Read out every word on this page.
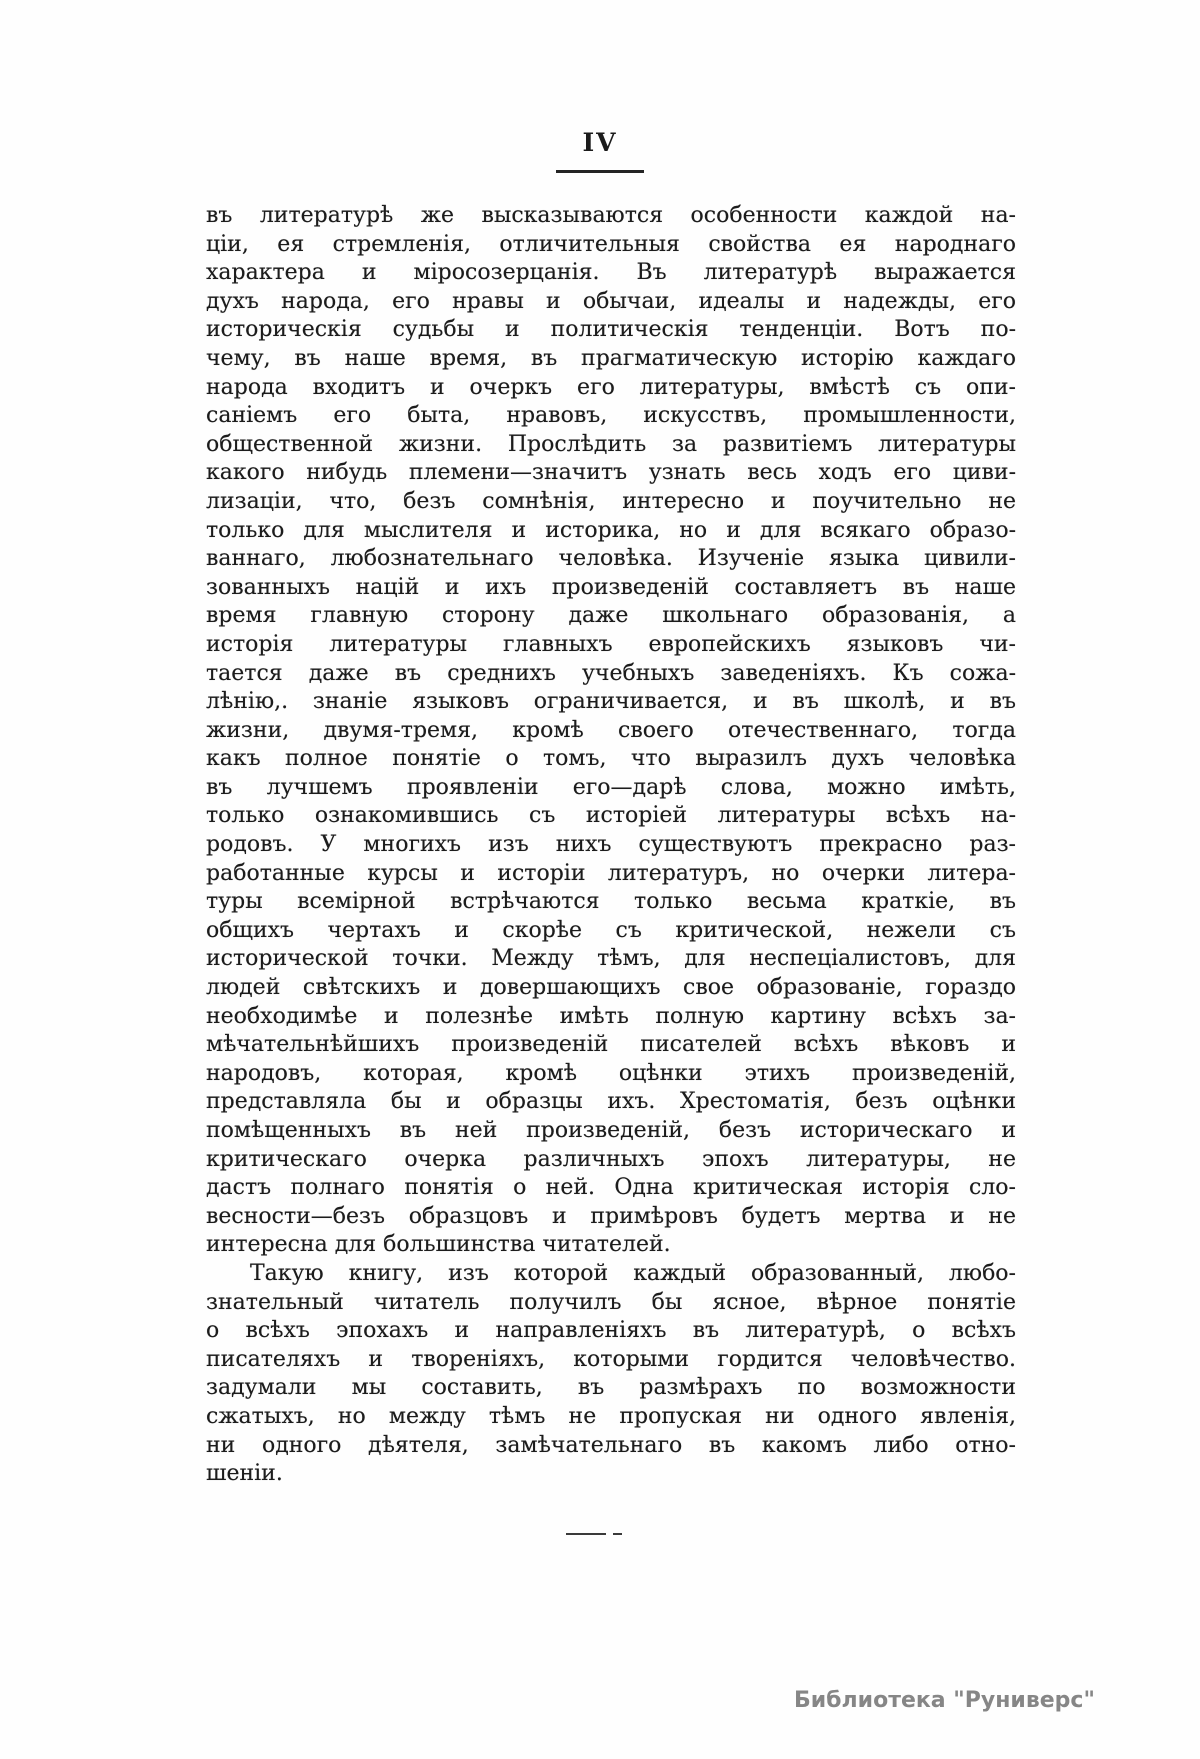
IV
въ литературѣ же высказываются особенности каждой на-
ціи, ея стремленія, отличительныя свойства ея народнаго
характера и міросозерцанія. Въ литературѣ выражается
духъ народа, его нравы и обычаи, идеалы и надежды, его
историческія судьбы и политическія тенденціи. Вотъ по-
чему, въ наше время, въ прагматическую исторію каждаго
народа входитъ и очеркъ его литературы, вмѣстѣ съ опи-
саніемъ его быта, нравовъ, искусствъ, промышленности,
общественной жизни. Прослѣдить за развитіемъ литературы
какого нибудь племени—значитъ узнать весь ходъ его циви-
лизаціи, что, безъ сомнѣнія, интересно и поучительно не
только для мыслителя и историка, но и для всякаго образо-
ваннаго, любознательнаго человѣка. Изученіе языка цивили-
зованныхъ націй и ихъ произведеній составляетъ въ наше
время главную сторону даже школьнаго образованія, а
исторія литературы главныхъ европейскихъ языковъ чи-
тается даже въ среднихъ учебныхъ заведеніяхъ. Къ сожа-
лѣнію,. знаніе языковъ ограничивается, и въ школѣ, и въ
жизни, двумя-тремя, кромѣ своего отечественнаго, тогда
какъ полное понятіе о томъ, что выразилъ духъ человѣка
въ лучшемъ проявленіи его—дарѣ слова, можно имѣть,
только ознакомившись съ исторіей литературы всѣхъ на-
родовъ. У многихъ изъ нихъ существуютъ прекрасно раз-
работанные курсы и исторіи литературъ, но очерки литера-
туры всемірной встрѣчаются только весьма краткіе, въ
общихъ чертахъ и скорѣе съ критической, нежели съ
исторической точки. Между тѣмъ, для неспеціалистовъ, для
людей свѣтскихъ и довершающихъ свое образованіе, гораздо
необходимѣе и полезнѣе имѣть полную картину всѣхъ за-
мѣчательнѣйшихъ произведеній писателей всѣхъ вѣковъ и
народовъ, которая, кромѣ оцѣнки этихъ произведеній,
представляла бы и образцы ихъ. Хрестоматія, безъ оцѣнки
помѣщенныхъ въ ней произведеній, безъ историческаго и
критическаго очерка различныхъ эпохъ литературы, не
дастъ полнаго понятія о ней. Одна критическая исторія сло-
весности—безъ образцовъ и примѣровъ будетъ мертва и не
интересна для большинства читателей.
Такую книгу, изъ которой каждый образованный, любо-
знательный читатель получилъ бы ясное, вѣрное понятіе
о всѣхъ эпохахъ и направленіяхъ въ литературѣ, о всѣхъ
писателяхъ и твореніяхъ, которыми гордится человѣчество.
задумали мы составить, въ размѣрахъ по возможности
сжатыхъ, но между тѣмъ не пропуская ни одного явленія,
ни одного дѣятеля, замѣчательнаго въ какомъ либо отно-
шеніи.
Библиотека "Руниверс"
